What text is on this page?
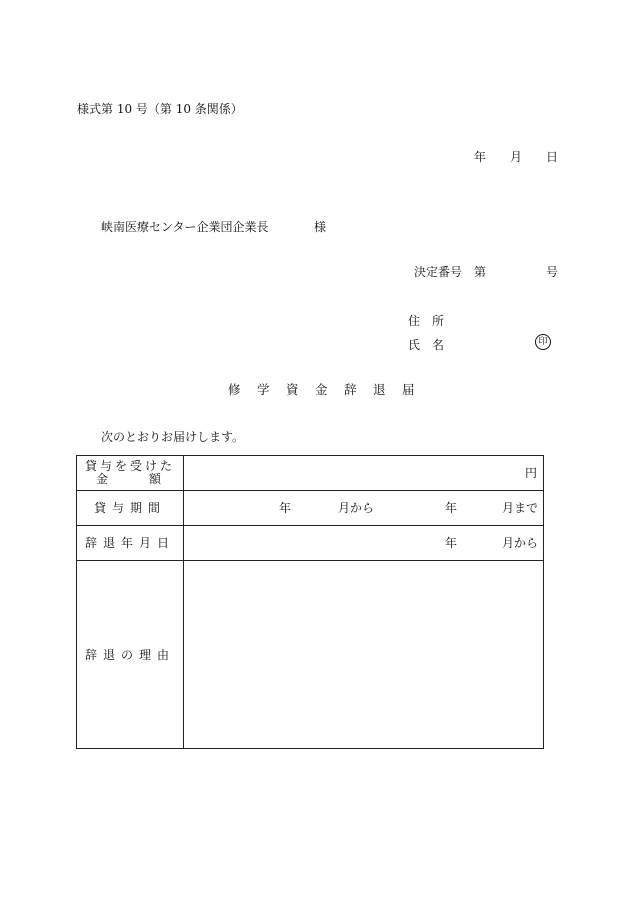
様式第 10 号（第 10 条関係）
年 月 日
峡南医療センター企業団企業長	様
決定番号 第	号
住所
氏名	印
修学資金辞退届
次のとおりお届けします。
貸与を受けた
金 額	円

貸与期間	年 月から 年 月まで

辞退年月日	年 月から

辞退の理由	
